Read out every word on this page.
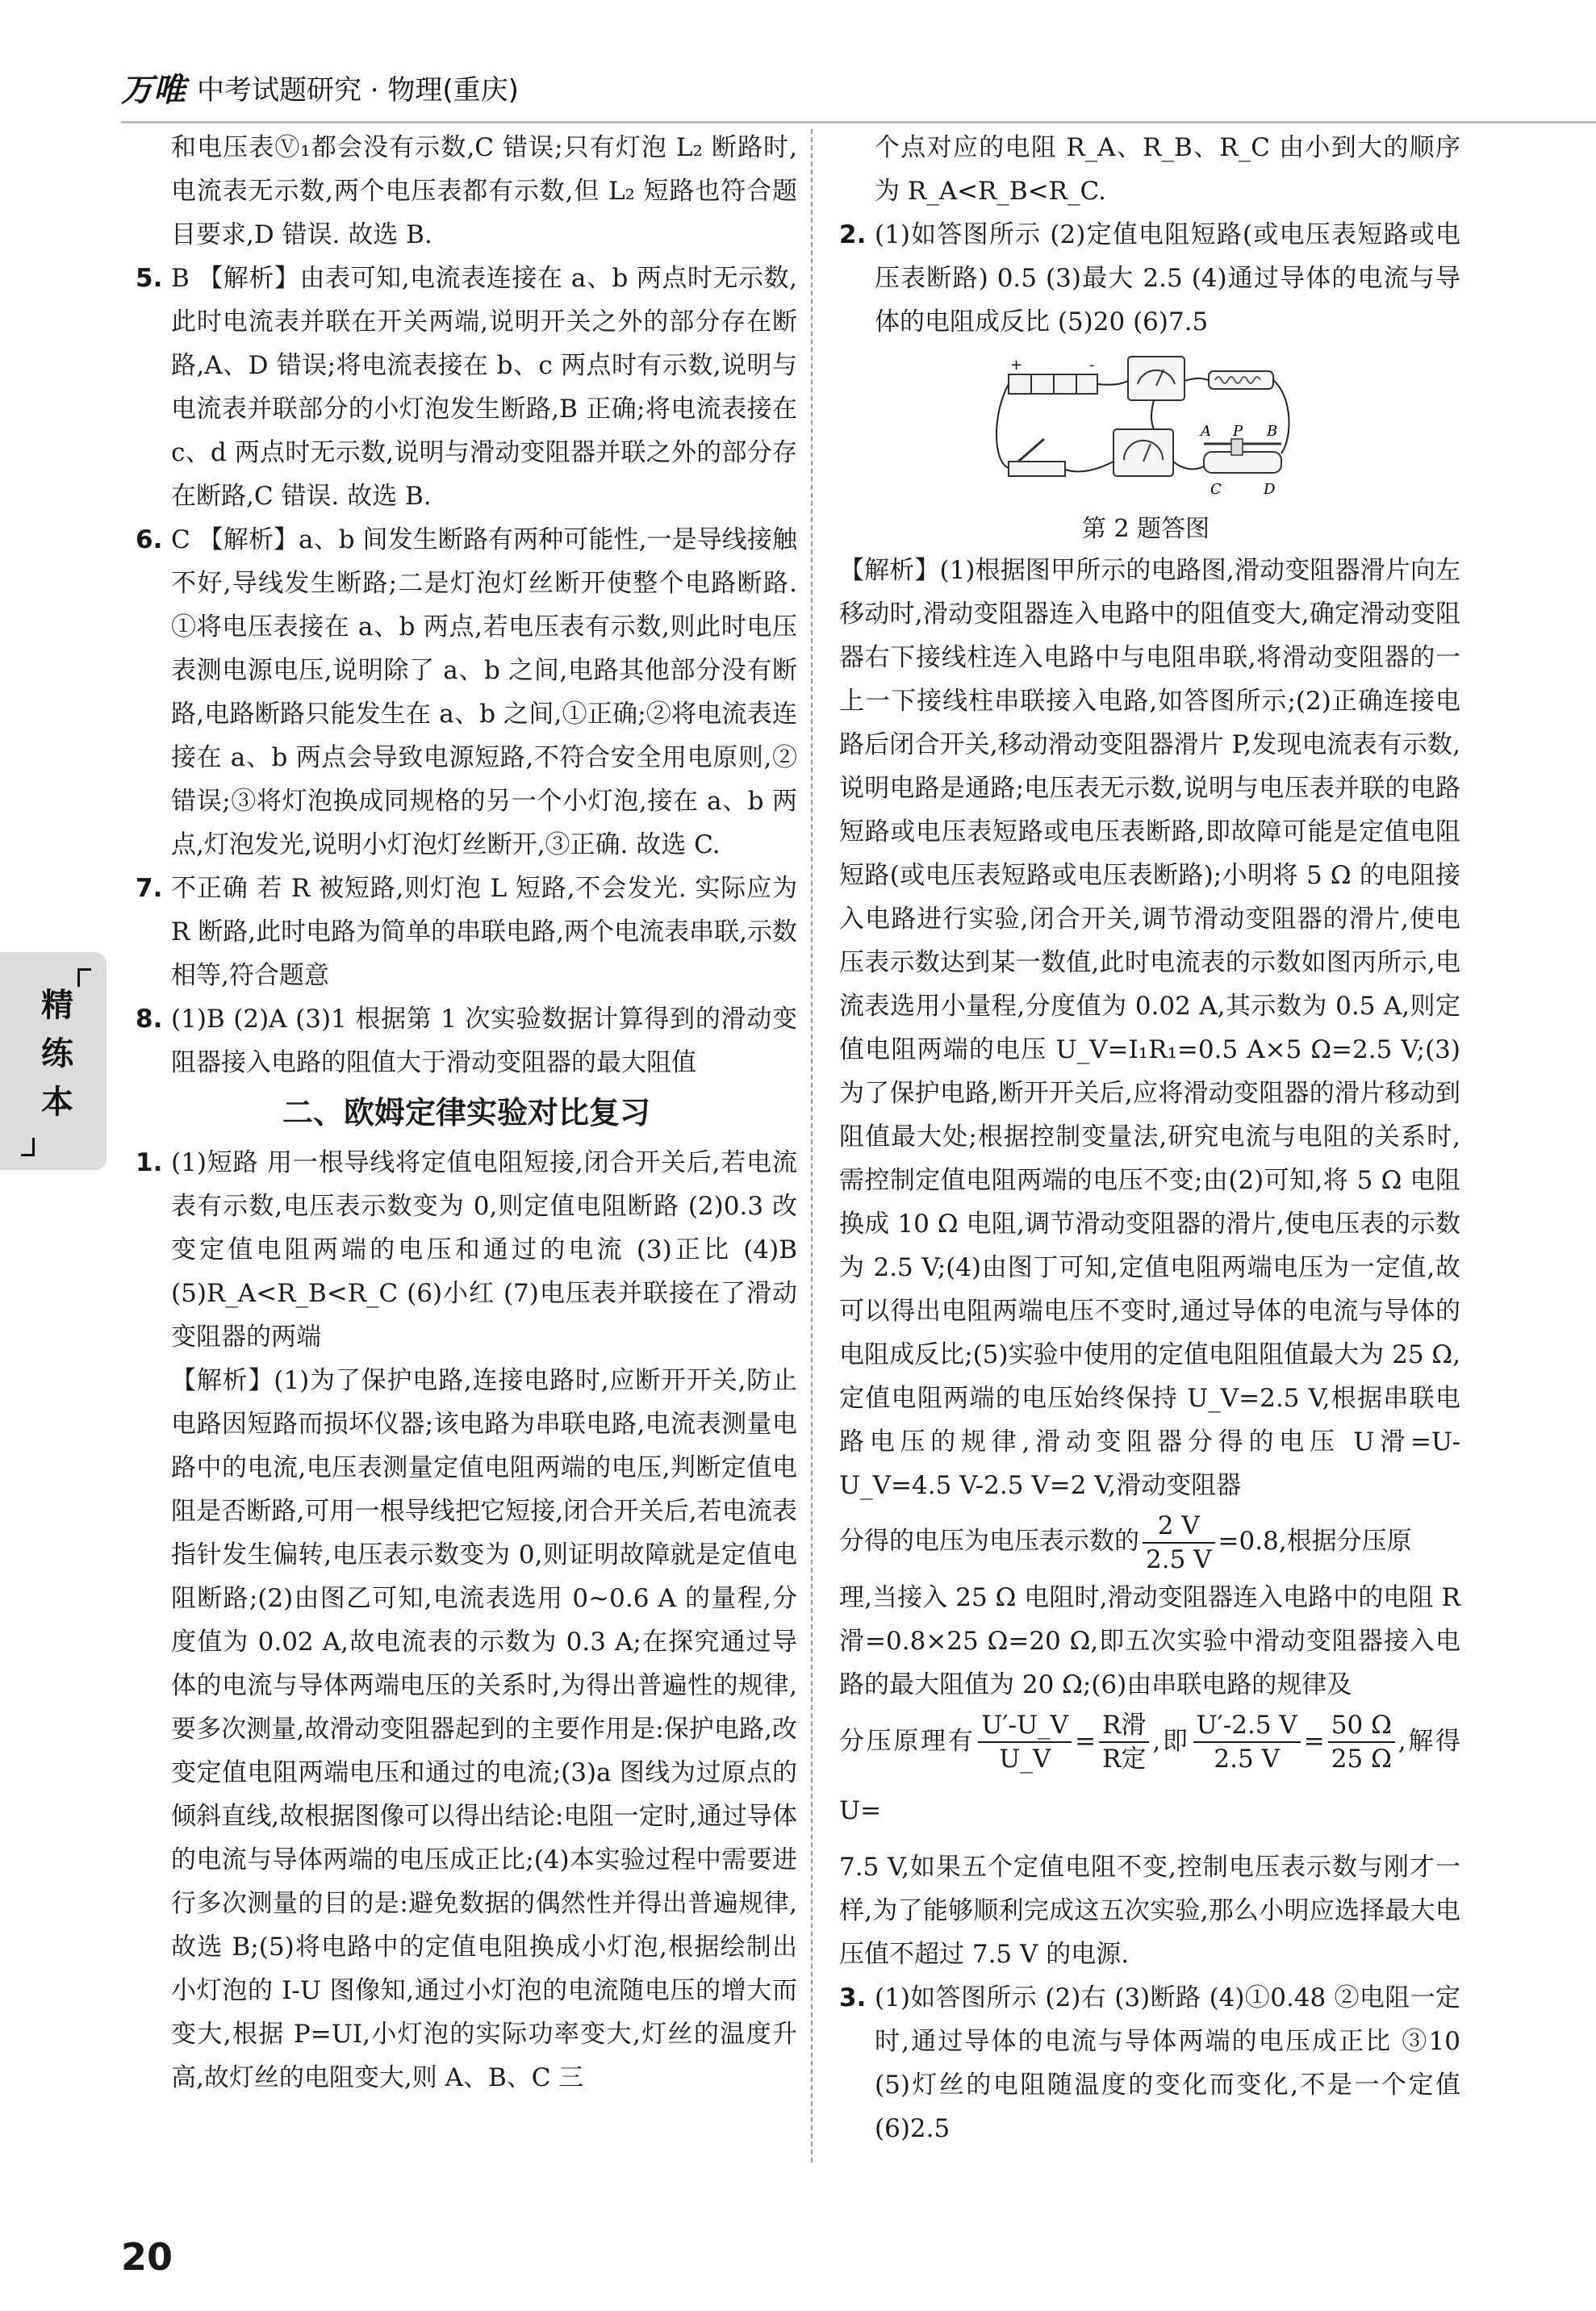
万唯 中考试题研究 · 物理(重庆)
精练本

和电压表Ⓥ₁都会没有示数,C 错误;只有灯泡 L₂ 断路时,电流表无示数,两个电压表都有示数,但 L₂ 短路也符合题目要求,D 错误. 故选 B.

5. B 【解析】由表可知,电流表连接在 a、b 两点时无示数,此时电流表并联在开关两端,说明开关之外的部分存在断路,A、D 错误;将电流表接在 b、c 两点时有示数,说明与电流表并联部分的小灯泡发生断路,B 正确;将电流表接在 c、d 两点时无示数,说明与滑动变阻器并联之外的部分存在断路,C 错误. 故选 B.
6. C 【解析】a、b 间发生断路有两种可能性,一是导线接触不好,导线发生断路;二是灯泡灯丝断开使整个电路断路. ①将电压表接在 a、b 两点,若电压表有示数,则此时电压表测电源电压,说明除了 a、b 之间,电路其他部分没有断路,电路断路只能发生在 a、b 之间,①正确;②将电流表连接在 a、b 两点会导致电源短路,不符合安全用电原则,②错误;③将灯泡换成同规格的另一个小灯泡,接在 a、b 两点,灯泡发光,说明小灯泡灯丝断开,③正确. 故选 C.
7. 不正确 若 R 被短路,则灯泡 L 短路,不会发光. 实际应为 R 断路,此时电路为简单的串联电路,两个电流表串联,示数相等,符合题意
8. (1)B (2)A (3)1 根据第 1 次实验数据计算得到的滑动变阻器接入电路的阻值大于滑动变阻器的最大阻值
二、欧姆定律实验对比复习
1. (1)短路 用一根导线将定值电阻短接,闭合开关后,若电流表有示数,电压表示数变为 0,则定值电阻断路 (2)0.3 改变定值电阻两端的电压和通过的电流 (3)正比 (4)B (5)R_A<R_B<R_C (6)小红 (7)电压表并联接在了滑动变阻器的两端

【解析】(1)为了保护电路,连接电路时,应断开开关,防止电路因短路而损坏仪器;该电路为串联电路,电流表测量电路中的电流,电压表测量定值电阻两端的电压,判断定值电阻是否断路,可用一根导线把它短接,闭合开关后,若电流表指针发生偏转,电压表示数变为 0,则证明故障就是定值电阻断路;(2)由图乙可知,电流表选用 0~0.6 A 的量程,分度值为 0.02 A,故电流表的示数为 0.3 A;在探究通过导体的电流与导体两端电压的关系时,为得出普遍性的规律,要多次测量,故滑动变阻器起到的主要作用是:保护电路,改变定值电阻两端电压和通过的电流;(3)a 图线为过原点的倾斜直线,故根据图像可以得出结论:电阻一定时,通过导体的电流与导体两端的电压成正比;(4)本实验过程中需要进行多次测量的目的是:避免数据的偶然性并得出普遍规律,故选 B;(5)将电路中的定值电阻换成小灯泡,根据绘制出小灯泡的 I-U 图像知,通过小灯泡的电流随电压的增大而变大,根据 P=UI,小灯泡的实际功率变大,灯丝的温度升高,故灯丝的电阻变大,则 A、B、C 三

个点对应的电阻 R_A、R_B、R_C 由小到大的顺序为 R_A<R_B<R_C.

2. (1)如答图所示 (2)定值电阻短路(或电压表短路或电压表断路) 0.5 (3)最大 2.5 (4)通过导体的电流与导体的电阻成反比 (5)20 (6)7.5
+	-
A P B
C	D
第 2 题答图

【解析】(1)根据图甲所示的电路图,滑动变阻器滑片向左移动时,滑动变阻器连入电路中的阻值变大,确定滑动变阻器右下接线柱连入电路中与电阻串联,将滑动变阻器的一上一下接线柱串联接入电路,如答图所示;(2)正确连接电路后闭合开关,移动滑动变阻器滑片 P,发现电流表有示数,说明电路是通路;电压表无示数,说明与电压表并联的电路短路或电压表短路或电压表断路,即故障可能是定值电阻短路(或电压表短路或电压表断路);小明将 5 Ω 的电阻接入电路进行实验,闭合开关,调节滑动变阻器的滑片,使电压表示数达到某一数值,此时电流表的示数如图丙所示,电流表选用小量程,分度值为 0.02 A,其示数为 0.5 A,则定值电阻两端的电压 U_V=I₁R₁=0.5 A×5 Ω=2.5 V;(3)为了保护电路,断开开关后,应将滑动变阻器的滑片移动到阻值最大处;根据控制变量法,研究电流与电阻的关系时,需控制定值电阻两端的电压不变;由(2)可知,将 5 Ω 电阻换成 10 Ω 电阻,调节滑动变阻器的滑片,使电压表的示数为 2.5 V;(4)由图丁可知,定值电阻两端电压为一定值,故可以得出电阻两端电压不变时,通过导体的电流与导体的电阻成反比;(5)实验中使用的定值电阻阻值最大为 25 Ω,定值电阻两端的电压始终保持 U_V=2.5 V,根据串联电路电压的规律,滑动变阻器分得的电压 U滑=U-U_V=4.5 V-2.5 V=2 V,滑动变阻器

分得的电压为电压表示数的 $\frac{2 V}{2.5 V} =0.8$,根据分压原

理,当接入 25 Ω 电阻时,滑动变阻器连入电路中的电阻 R滑=0.8×25 Ω=20 Ω,即五次实验中滑动变阻器接入电路的最大阻值为 20 Ω;(6)由串联电路的规律及

分压原理有 $\frac{U'-U\_V}{U\_V} = \frac{\text{R滑}}{\text{R定}}$ ,即 $\frac{U'-2.5 V}{2.5 V} = \frac{50 \Omega}{25 \Omega}$ ,解得 U=

7.5 V,如果五个定值电阻不变,控制电压表示数与刚才一样,为了能够顺利完成这五次实验,那么小明应选择最大电压值不超过 7.5 V 的电源.

3. (1)如答图所示 (2)右 (3)断路 (4)①0.48 ②电阻一定时,通过导体的电流与导体两端的电压成正比 ③10 (5)灯丝的电阻随温度的变化而变化,不是一个定值 (6)2.5
20
